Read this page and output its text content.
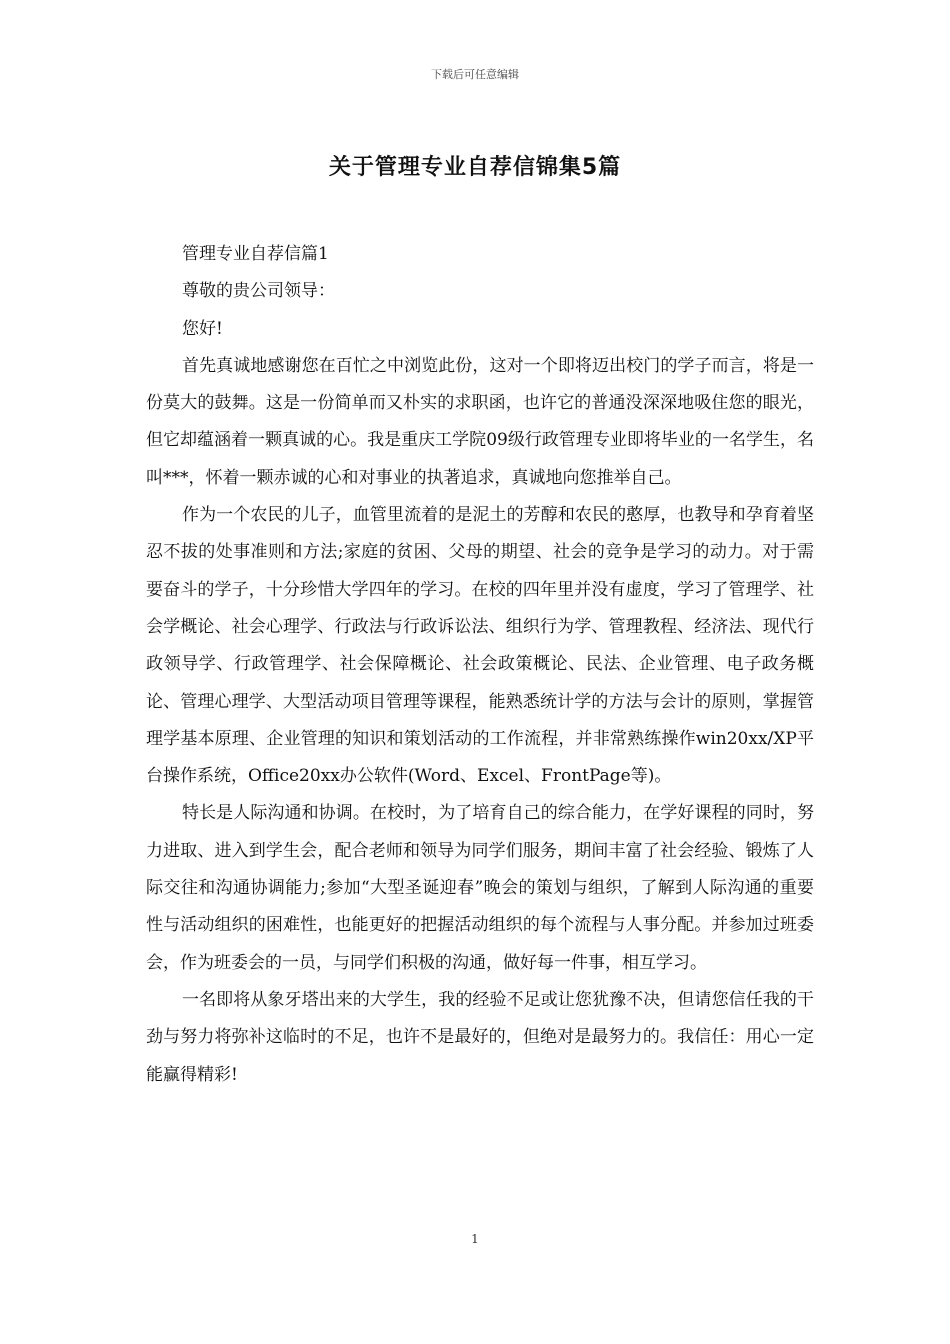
下载后可任意编辑
关于管理专业自荐信锦集5篇

管理专业自荐信篇1

尊敬的贵公司领导：

您好!

首先真诚地感谢您在百忙之中浏览此份，这对一个即将迈出校门的学子而言，将是一份莫大的鼓舞。这是一份简单而又朴实的求职函，也许它的普通没深深地吸住您的眼光，但它却蕴涵着一颗真诚的心。我是重庆工学院09级行政管理专业即将毕业的一名学生，名叫***，怀着一颗赤诚的心和对事业的执著追求，真诚地向您推举自己。

作为一个农民的儿子，血管里流着的是泥土的芳醇和农民的憨厚，也教导和孕育着坚忍不拔的处事准则和方法;家庭的贫困、父母的期望、社会的竞争是学习的动力。对于需要奋斗的学子，十分珍惜大学四年的学习。在校的四年里并没有虚度，学习了管理学、社会学概论、社会心理学、行政法与行政诉讼法、组织行为学、管理教程、经济法、现代行政领导学、行政管理学、社会保障概论、社会政策概论、民法、企业管理、电子政务概论、管理心理学、大型活动项目管理等课程，能熟悉统计学的方法与会计的原则，掌握管理学基本原理、企业管理的知识和策划活动的工作流程，并非常熟练操作win20xx/XP平台操作系统，Office20xx办公软件(Word、Excel、FrontPage等)。

特长是人际沟通和协调。在校时，为了培育自己的综合能力，在学好课程的同时，努力进取、进入到学生会，配合老师和领导为同学们服务，期间丰富了社会经验、锻炼了人际交往和沟通协调能力;参加“大型圣诞迎春”晚会的策划与组织，了解到人际沟通的重要性与活动组织的困难性，也能更好的把握活动组织的每个流程与人事分配。并参加过班委会，作为班委会的一员，与同学们积极的沟通，做好每一件事，相互学习。

一名即将从象牙塔出来的大学生，我的经验不足或让您犹豫不决，但请您信任我的干劲与努力将弥补这临时的不足，也许不是最好的，但绝对是最努力的。我信任：用心一定能赢得精彩!

1
